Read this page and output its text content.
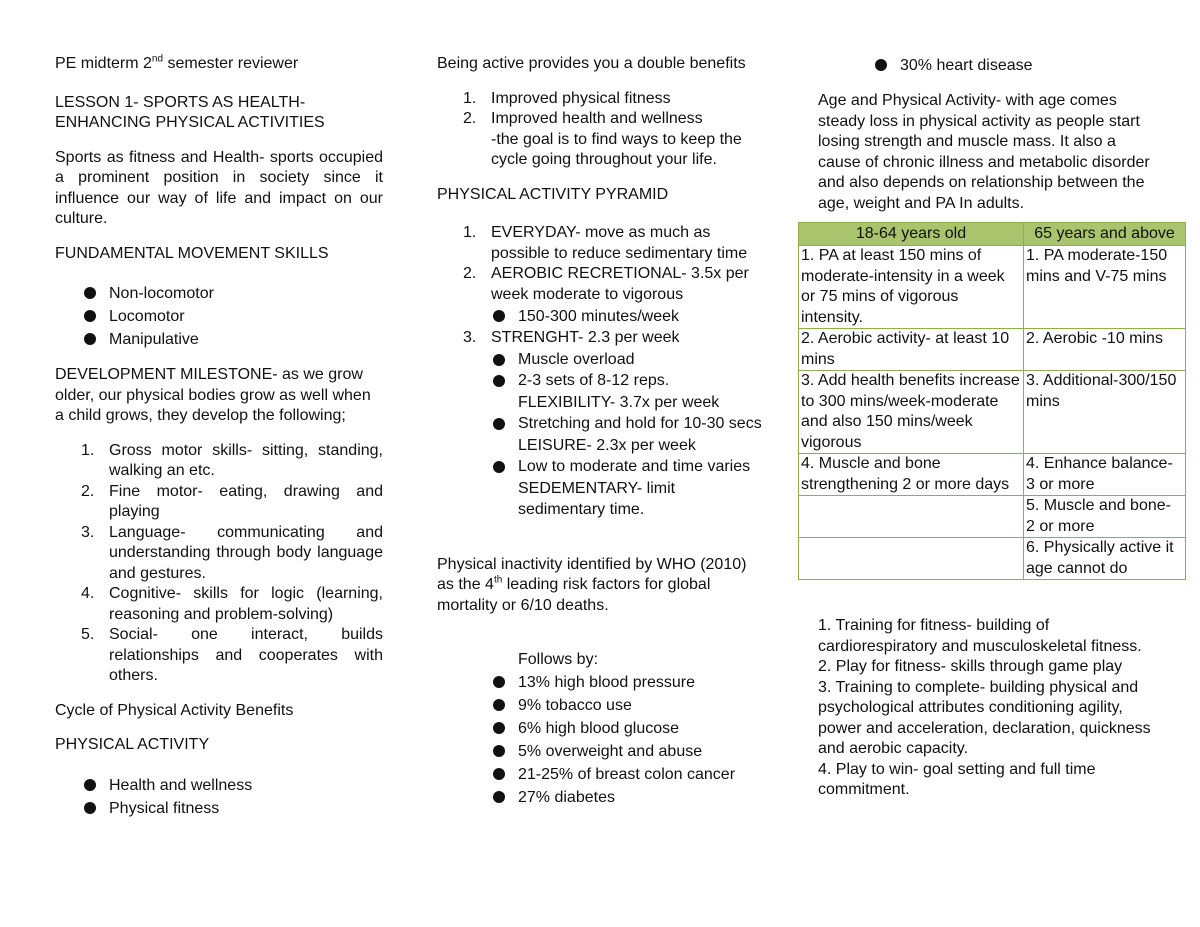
PE midterm 2nd semester reviewer

LESSON 1- SPORTS AS HEALTH-ENHANCING PHYSICAL ACTIVITIES

Sports as fitness and Health- sports occupied a prominent position in society since it influence our way of life and impact on our culture.

FUNDAMENTAL MOVEMENT SKILLS

Non-locomotor
Locomotor
Manipulative

DEVELOPMENT MILESTONE- as we grow older, our physical bodies grow as well when a child grows, they develop the following;

1. Gross motor skills- sitting, standing, walking an etc.
2. Fine motor- eating, drawing and playing
3. Language- communicating and understanding through body language and gestures.
4. Cognitive- skills for logic (learning, reasoning and problem-solving)
5. Social- one interact, builds relationships and cooperates with others.

Cycle of Physical Activity Benefits

PHYSICAL ACTIVITY

Health and wellness
Physical fitness

Being active provides you a double benefits

1. Improved physical fitness
2. Improved health and wellness

-the goal is to find ways to keep the cycle going throughout your life.

PHYSICAL ACTIVITY PYRAMID

1. EVERYDAY- move as much as possible to reduce sedimentary time
2. AEROBIC RECRETIONAL- 3.5x per week moderate to vigorous
150-300 minutes/week
3. STRENGHT- 2.3 per week
Muscle overload
2-3 sets of 8-12 reps.
FLEXIBILITY- 3.7x per week
Stretching and hold for 10-30 secs
LEISURE- 2.3x per week
Low to moderate and time varies
SEDEMENTARY- limit sedimentary time.

Physical inactivity identified by WHO (2010) as the 4th leading risk factors for global mortality or 6/10 deaths.

Follows by:

13% high blood pressure
9% tobacco use
6% high blood glucose
5% overweight and abuse
21-25% of breast colon cancer
27% diabetes
30% heart disease

Age and Physical Activity- with age comes steady loss in physical activity as people start losing strength and muscle mass. It also a cause of chronic illness and metabolic disorder and also depends on relationship between the age, weight and PA In adults.

18-64 years old	65 years and above
1. PA at least 150 mins of moderate-intensity in a week or 75 mins of vigorous intensity.	1. PA moderate-150 mins and V-75 mins
2. Aerobic activity- at least 10 mins	2. Aerobic -10 mins
3. Add health benefits increase to 300 mins/week-moderate and also 150 mins/week vigorous	3. Additional-300/150 mins
4. Muscle and bone strengthening 2 or more days	4. Enhance balance- 3 or more
	5. Muscle and bone- 2 or more
	6. Physically active it age cannot do

1. Training for fitness- building of cardiorespiratory and musculoskeletal fitness.

2. Play for fitness- skills through game play

3. Training to complete- building physical and psychological attributes conditioning agility, power and acceleration, declaration, quickness and aerobic capacity.

4. Play to win- goal setting and full time commitment.
